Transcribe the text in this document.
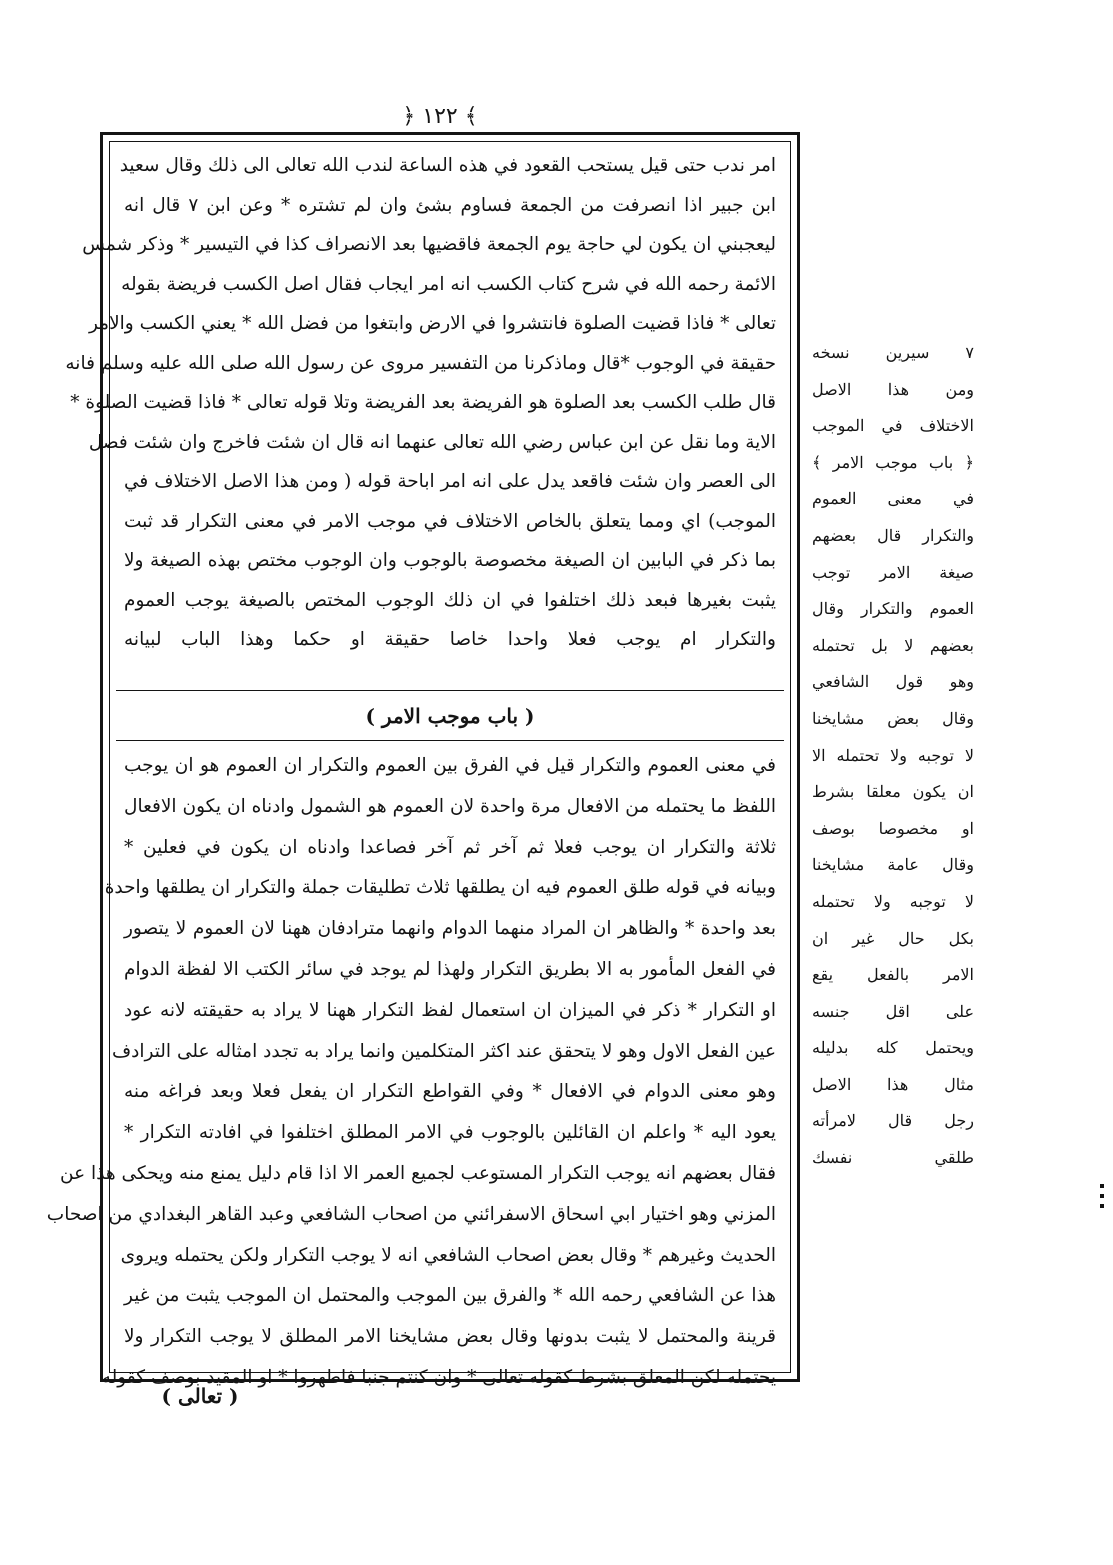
﴿ ١٢٢ ﴾
امر ندب حتى قيل يستحب القعود في هذه الساعة لندب الله تعالى الى ذلك وقال سعيد
ابن جبير اذا انصرفت من الجمعة فساوم بشئ وان لم تشتره * وعن ابن ٧ قال انه
ليعجبني ان يكون لي حاجة يوم الجمعة فاقضيها بعد الانصراف كذا في التيسير * وذكر شمس
الائمة رحمه الله في شرح كتاب الكسب انه امر ايجاب فقال اصل الكسب فريضة بقوله
تعالى * فاذا قضيت الصلوة فانتشروا في الارض وابتغوا من فضل الله * يعني الكسب والامر
حقيقة في الوجوب *قال وماذكرنا من التفسير مروى عن رسول الله صلى الله عليه وسلم فانه
قال طلب الكسب بعد الصلوة هو الفريضة بعد الفريضة وتلا قوله تعالى * فاذا قضيت الصلوة *
الاية وما نقل عن ابن عباس رضي الله تعالى عنهما انه قال ان شئت فاخرج وان شئت فصل
الى العصر وان شئت فاقعد يدل على انه امر اباحة قوله ( ومن هذا الاصل الاختلاف في
الموجب) اي ومما يتعلق بالخاص الاختلاف في موجب الامر في معنى التكرار قد ثبت
بما ذكر في البابين ان الصيغة مخصوصة بالوجوب وان الوجوب مختص بهذه الصيغة ولا
يثبت بغيرها فبعد ذلك اختلفوا في ان ذلك الوجوب المختص بالصيغة يوجب العموم
والتكرار ام يوجب فعلا واحدا خاصا حقيقة او حكما وهذا الباب لبيانه
( باب موجب الامر )
في معنى العموم والتكرار قيل في الفرق بين العموم والتكرار ان العموم هو ان يوجب
اللفظ ما يحتمله من الافعال مرة واحدة لان العموم هو الشمول وادناه ان يكون الافعال
ثلاثة والتكرار ان يوجب فعلا ثم آخر ثم آخر فصاعدا وادناه ان يكون في فعلين *
وبيانه في قوله طلق العموم فيه ان يطلقها ثلاث تطليقات جملة والتكرار ان يطلقها واحدة
بعد واحدة * والظاهر ان المراد منهما الدوام وانهما مترادفان ههنا لان العموم لا يتصور
في الفعل المأمور به الا بطريق التكرار ولهذا لم يوجد في سائر الكتب الا لفظة الدوام
او التكرار * ذكر في الميزان ان استعمال لفظ التكرار ههنا لا يراد به حقيقته لانه عود
عين الفعل الاول وهو لا يتحقق عند اكثر المتكلمين وانما يراد به تجدد امثاله على الترادف
وهو معنى الدوام في الافعال * وفي القواطع التكرار ان يفعل فعلا وبعد فراغه منه
يعود اليه * واعلم ان القائلين بالوجوب في الامر المطلق اختلفوا في افادته التكرار *
فقال بعضهم انه يوجب التكرار المستوعب لجميع العمر الا اذا قام دليل يمنع منه ويحكى هذا عن
المزني وهو اختيار ابي اسحاق الاسفرائني من اصحاب الشافعي وعبد القاهر البغدادي من اصحاب
الحديث وغيرهم * وقال بعض اصحاب الشافعي انه لا يوجب التكرار ولكن يحتمله ويروى
هذا عن الشافعي رحمه الله * والفرق بين الموجب والمحتمل ان الموجب يثبت من غير
قرينة والمحتمل لا يثبت بدونها وقال بعض مشايخنا الامر المطلق لا يوجب التكرار ولا
يحتمله لكن المعلق بشرط كقوله تعالى * وان كنتم جنبا فاطهروا * او المقيد بوصف كقوله
٧ سيرين نسخه
ومن هذا الاصل
الاختلاف في الموجب
﴿ باب موجب الامر ﴾
في معنى العموم
والتكرار قال بعضهم
صيغة الامر توجب
العموم والتكرار وقال
بعضهم لا بل تحتمله
وهو قول الشافعي
وقال بعض مشايخنا
لا توجبه ولا تحتمله الا
ان يكون معلقا بشرط
او مخصوصا بوصف
وقال عامة مشايخنا
لا توجبه ولا تحتمله
بكل حال غير ان
الامر بالفعل يقع
على اقل جنسه
ويحتمل كله بدليله
مثال هذا الاصل
رجل قال لامرأته
طلقي نفسك
( تعالى )
